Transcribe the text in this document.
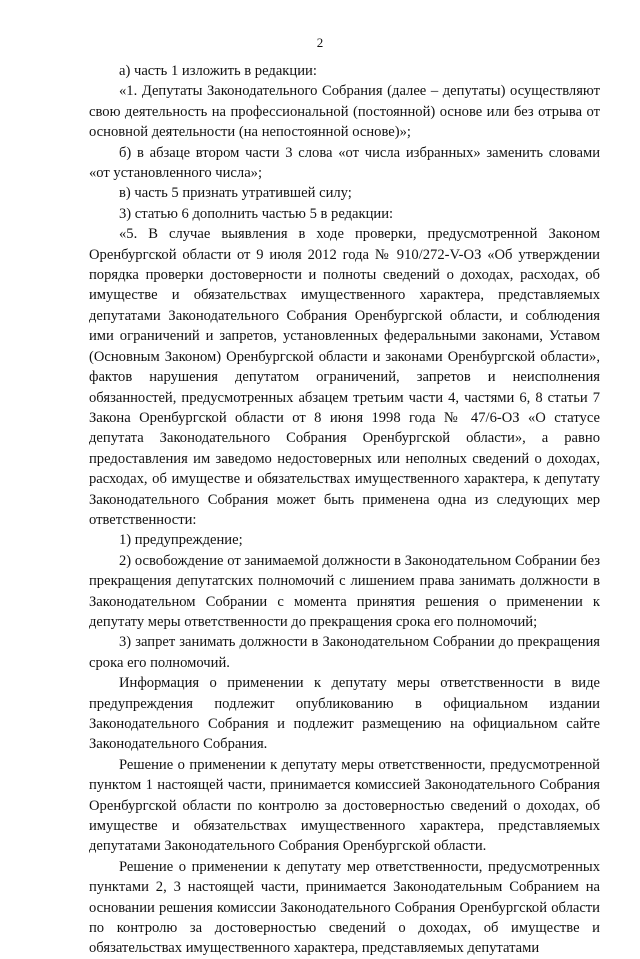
2

а) часть 1 изложить в редакции:

«1. Депутаты Законодательного Собрания (далее – депутаты) осуществляют свою деятельность на профессиональной (постоянной) основе или без отрыва от основной деятельности (на непостоянной основе)»;

б) в абзаце втором части 3 слова «от числа избранных» заменить словами «от установленного числа»;

в) часть 5 признать утратившей силу;

3) статью 6 дополнить частью 5 в редакции:

«5. В случае выявления в ходе проверки, предусмотренной Законом Оренбургской области от 9 июля 2012 года № 910/272-V-ОЗ «Об утверждении порядка проверки достоверности и полноты сведений о доходах, расходах, об имуществе и обязательствах имущественного характера, представляемых депутатами Законодательного Собрания Оренбургской области, и соблюдения ими ограничений и запретов, установленных федеральными законами, Уставом (Основным Законом) Оренбургской области и законами Оренбургской области», фактов нарушения депутатом ограничений, запретов и неисполнения обязанностей, предусмотренных абзацем третьим части 4, частями 6, 8 статьи 7 Закона Оренбургской области от 8 июня 1998 года № 47/6-ОЗ «О статусе депутата Законодательного Собрания Оренбургской области», а равно предоставления им заведомо недостоверных или неполных сведений о доходах, расходах, об имуществе и обязательствах имущественного характера, к депутату Законодательного Собрания может быть применена одна из следующих мер ответственности:

1) предупреждение;

2) освобождение от занимаемой должности в Законодательном Собрании без прекращения депутатских полномочий с лишением права занимать должности в Законодательном Собрании с момента принятия решения о применении к депутату меры ответственности до прекращения срока его полномочий;

3) запрет занимать должности в Законодательном Собрании до прекращения срока его полномочий.

Информация о применении к депутату меры ответственности в виде предупреждения подлежит опубликованию в официальном издании Законодательного Собрания и подлежит размещению на официальном сайте Законодательного Собрания.

Решение о применении к депутату меры ответственности, предусмотренной пунктом 1 настоящей части, принимается комиссией Законодательного Собрания Оренбургской области по контролю за достоверностью сведений о доходах, об имуществе и обязательствах имущественного характера, представляемых депутатами Законодательного Собрания Оренбургской области.

Решение о применении к депутату мер ответственности, предусмотренных пунктами 2, 3 настоящей части, принимается Законодательным Собранием на основании решения комиссии Законодательного Собрания Оренбургской области по контролю за достоверностью сведений о доходах, об имуществе и обязательствах имущественного характера, представляемых депутатами
